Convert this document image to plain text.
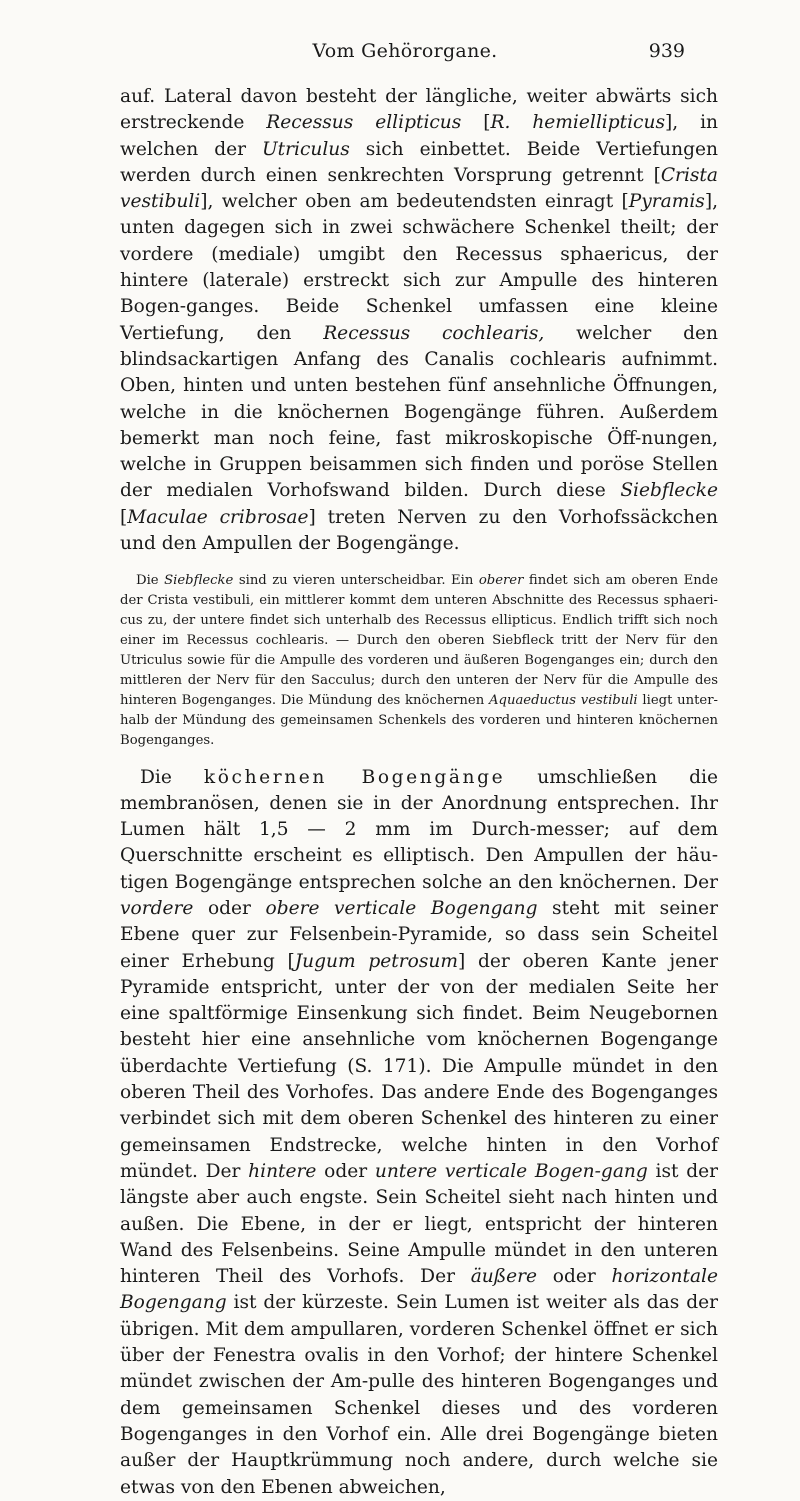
Vom Gehörorgane.	939

auf. Lateral davon besteht der längliche, weiter abwärts sich erstreckende Recessus ellipticus [R. hemiellipticus], in welchen der Utriculus sich einbettet. Beide Vertiefungen werden durch einen senkrechten Vorsprung getrennt [Crista vestibuli], welcher oben am bedeutendsten einragt [Pyramis], unten dagegen sich in zwei schwächere Schenkel theilt; der vordere (mediale) umgibt den Recessus sphaericus, der hintere (laterale) erstreckt sich zur Ampulle des hinteren Bogen-ganges. Beide Schenkel umfassen eine kleine Vertiefung, den Recessus cochlearis, welcher den blindsackartigen Anfang des Canalis cochlearis aufnimmt. Oben, hinten und unten bestehen fünf ansehnliche Öffnungen, welche in die knöchernen Bogengänge führen. Außerdem bemerkt man noch feine, fast mikroskopische Öff-nungen, welche in Gruppen beisammen sich finden und poröse Stellen der medialen Vorhofswand bilden. Durch diese Siebflecke [Maculae cribrosae] treten Nerven zu den Vorhofssäckchen und den Ampullen der Bogengänge.

Die Siebflecke sind zu vieren unterscheidbar. Ein oberer findet sich am oberen Ende der Crista vestibuli, ein mittlerer kommt dem unteren Abschnitte des Recessus sphaeri-cus zu, der untere findet sich unterhalb des Recessus ellipticus. Endlich trifft sich noch einer im Recessus cochlearis. — Durch den oberen Siebfleck tritt der Nerv für den Utriculus sowie für die Ampulle des vorderen und äußeren Bogenganges ein; durch den mittleren der Nerv für den Sacculus; durch den unteren der Nerv für die Ampulle des hinteren Bogenganges. Die Mündung des knöchernen Aquaeductus vestibuli liegt unter-halb der Mündung des gemeinsamen Schenkels des vorderen und hinteren knöchernen Bogenganges.

Die köchernen Bogengänge umschließen die membranösen, denen sie in der Anordnung entsprechen. Ihr Lumen hält 1,5 — 2 mm im Durch-messer; auf dem Querschnitte erscheint es elliptisch. Den Ampullen der häu-tigen Bogengänge entsprechen solche an den knöchernen. Der vordere oder obere verticale Bogengang steht mit seiner Ebene quer zur Felsenbein-Pyramide, so dass sein Scheitel einer Erhebung [Jugum petrosum] der oberen Kante jener Pyramide entspricht, unter der von der medialen Seite her eine spaltförmige Einsenkung sich findet. Beim Neugebornen besteht hier eine ansehnliche vom knöchernen Bogengange überdachte Vertiefung (S. 171). Die Ampulle mündet in den oberen Theil des Vorhofes. Das andere Ende des Bogenganges verbindet sich mit dem oberen Schenkel des hinteren zu einer gemeinsamen Endstrecke, welche hinten in den Vorhof mündet. Der hintere oder untere verticale Bogen-gang ist der längste aber auch engste. Sein Scheitel sieht nach hinten und außen. Die Ebene, in der er liegt, entspricht der hinteren Wand des Felsenbeins. Seine Ampulle mündet in den unteren hinteren Theil des Vorhofs. Der äußere oder horizontale Bogengang ist der kürzeste. Sein Lumen ist weiter als das der übrigen. Mit dem ampullaren, vorderen Schenkel öffnet er sich über der Fenestra ovalis in den Vorhof; der hintere Schenkel mündet zwischen der Am-pulle des hinteren Bogenganges und dem gemeinsamen Schenkel dieses und des vorderen Bogenganges in den Vorhof ein. Alle drei Bogengänge bieten außer der Hauptkrümmung noch andere, durch welche sie etwas von den Ebenen abweichen,
